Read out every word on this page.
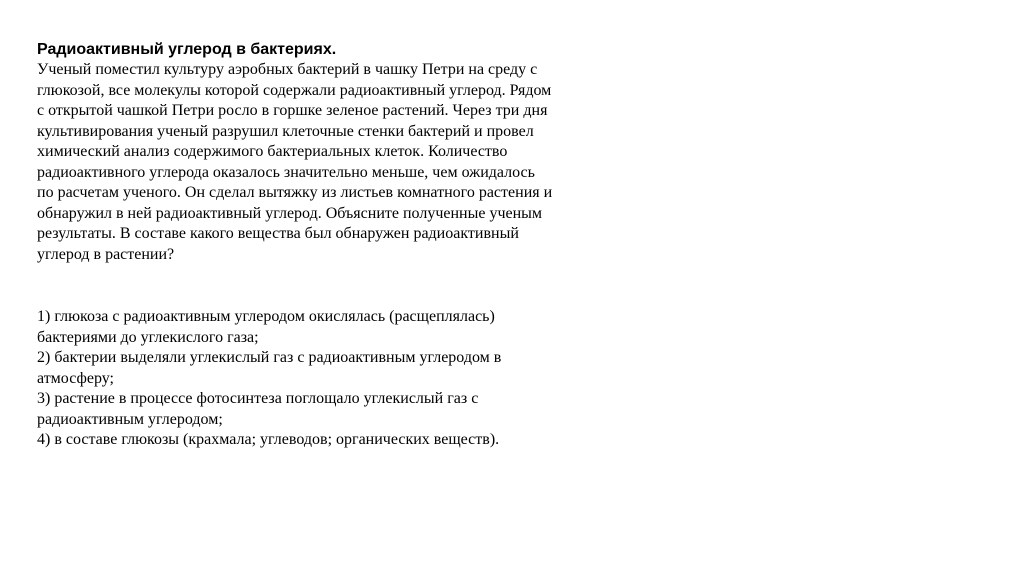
Радиоактивный углерод в бактериях.

Ученый поместил культуру аэробных бактерий в чашку Петри на среду с
глюкозой, все молекулы которой содержали радиоактивный углерод. Рядом
с открытой чашкой Петри росло в горшке зеленое растений. Через три дня
культивирования ученый разрушил клеточные стенки бактерий и провел
химический анализ содержимого бактериальных клеток. Количество
радиоактивного углерода оказалось значительно меньше, чем ожидалось
по расчетам ученого. Он сделал вытяжку из листьев комнатного растения и
обнаружил в ней радиоактивный углерод. Объясните полученные ученым
результаты. В составе какого вещества был обнаружен радиоактивный
углерод в растении?

1) глюкоза с радиоактивным углеродом окислялась (расщеплялась)
бактериями до углекислого газа;
2) бактерии выделяли углекислый газ с радиоактивным углеродом в
атмосферу;
3) растение в процессе фотосинтеза поглощало углекислый газ с
радиоактивным углеродом;
4) в составе глюкозы (крахмала; углеводов; органических веществ).
